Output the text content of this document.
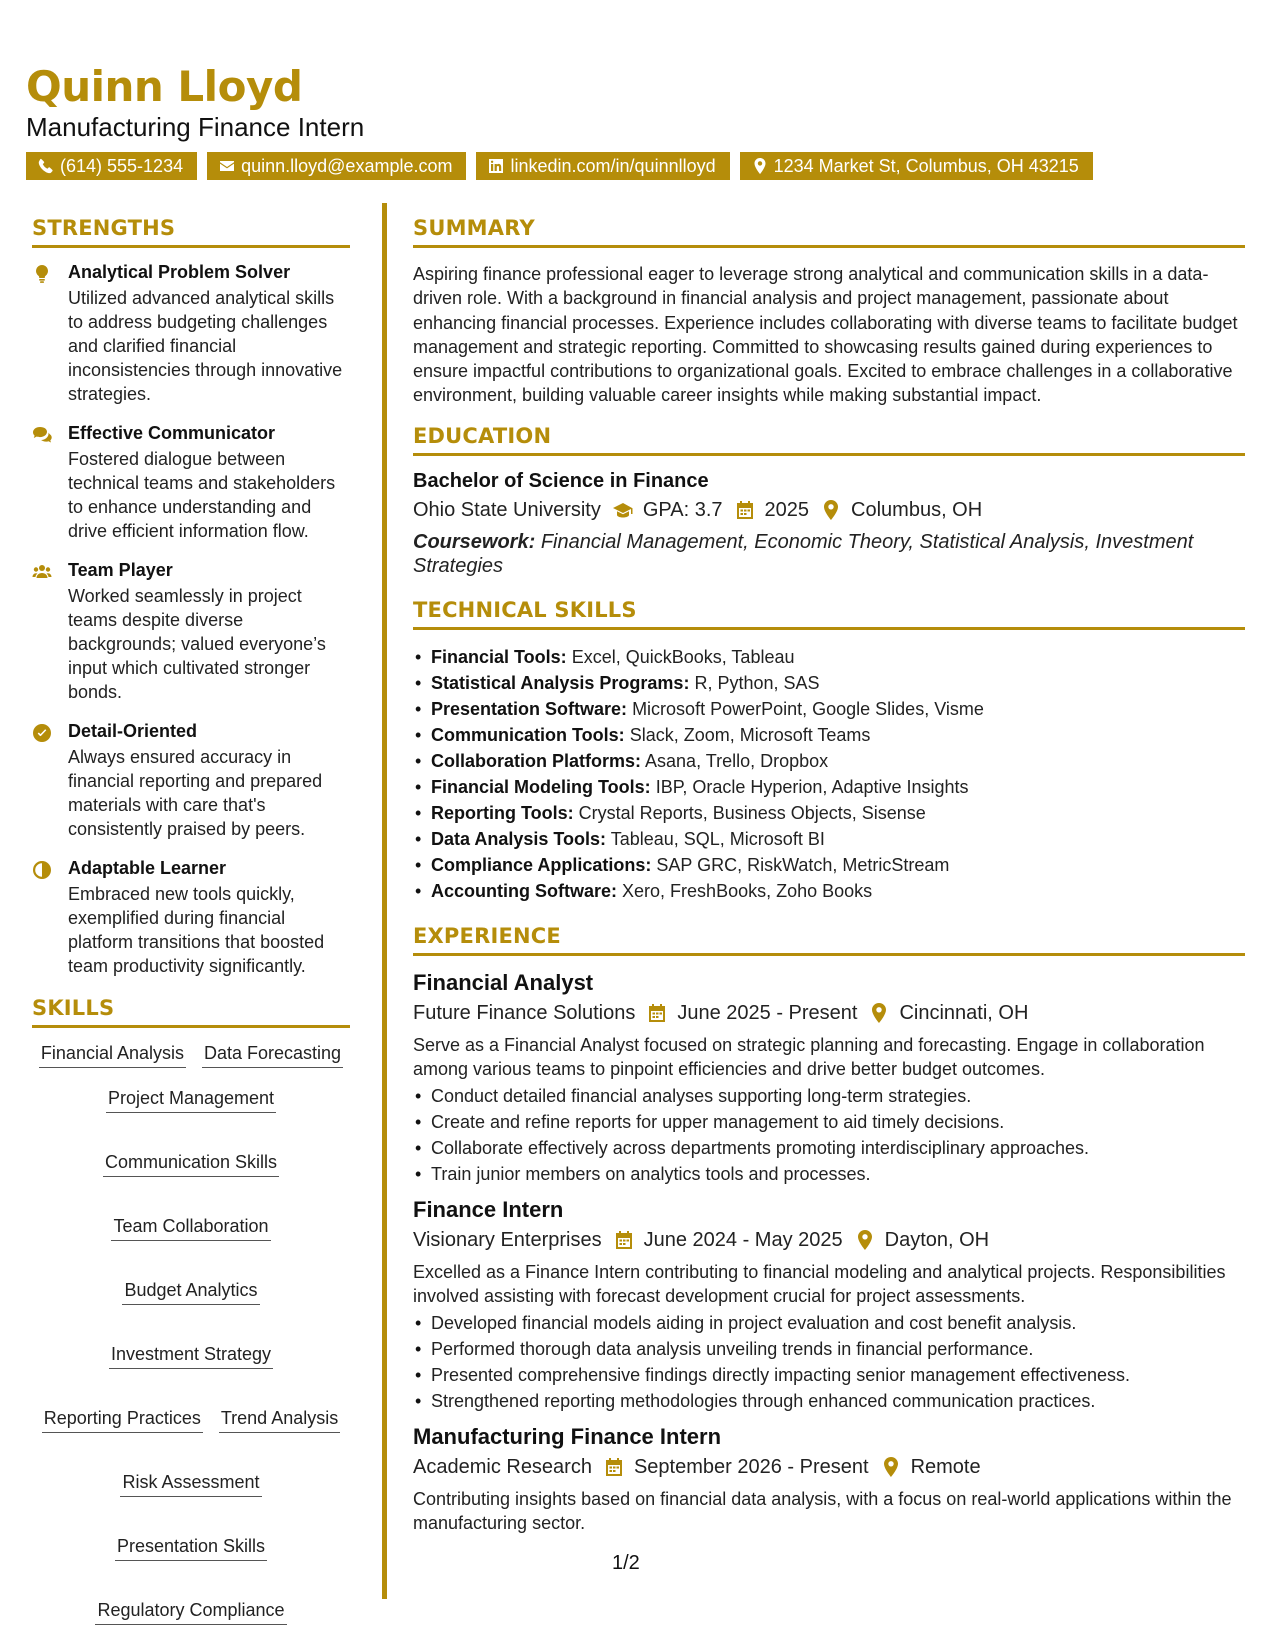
Quinn Lloyd
Manufacturing Finance Intern
(614) 555-1234	quinn.lloyd@example.com	linkedin.com/in/quinnlloyd	1234 Market St, Columbus, OH 43215
STRENGTHS
Analytical Problem Solver

Utilized advanced analytical skills to address budgeting challenges and clarified financial inconsistencies through innovative strategies.

Effective Communicator

Fostered dialogue between technical teams and stakeholders to enhance understanding and drive efficient information flow.

Team Player

Worked seamlessly in project teams despite diverse backgrounds; valued everyone’s input which cultivated stronger bonds.

Detail-Oriented

Always ensured accuracy in financial reporting and prepared materials with care that's consistently praised by peers.

Adaptable Learner

Embraced new tools quickly, exemplified during financial platform transitions that boosted team productivity significantly.

SKILLS
Financial Analysis Data Forecasting
Project Management
Communication Skills
Team Collaboration
Budget Analytics
Investment Strategy
Reporting Practices Trend Analysis
Risk Assessment
Presentation Skills
Regulatory Compliance
SUMMARY

Aspiring finance professional eager to leverage strong analytical and communication skills in a data-driven role. With a background in financial analysis and project management, passionate about enhancing financial processes. Experience includes collaborating with diverse teams to facilitate budget management and strategic reporting. Committed to showcasing results gained during experiences to ensure impactful contributions to organizational goals. Excited to embrace challenges in a collaborative environment, building valuable career insights while making substantial impact.

EDUCATION
Bachelor of Science in Finance
Ohio State University GPA: 3.7 2025 Columbus, OH

Coursework: Financial Management, Economic Theory, Statistical Analysis, Investment Strategies

TECHNICAL SKILLS
• Financial Tools: Excel, QuickBooks, Tableau
• Statistical Analysis Programs: R, Python, SAS
• Presentation Software: Microsoft PowerPoint, Google Slides, Visme
• Communication Tools: Slack, Zoom, Microsoft Teams
• Collaboration Platforms: Asana, Trello, Dropbox
• Financial Modeling Tools: IBP, Oracle Hyperion, Adaptive Insights
• Reporting Tools: Crystal Reports, Business Objects, Sisense
• Data Analysis Tools: Tableau, SQL, Microsoft BI
• Compliance Applications: SAP GRC, RiskWatch, MetricStream
• Accounting Software: Xero, FreshBooks, Zoho Books
EXPERIENCE
Financial Analyst
Future Finance Solutions June 2025 - Present Cincinnati, OH

Serve as a Financial Analyst focused on strategic planning and forecasting. Engage in collaboration among various teams to pinpoint efficiencies and drive better budget outcomes.

• Conduct detailed financial analyses supporting long-term strategies.
• Create and refine reports for upper management to aid timely decisions.
• Collaborate effectively across departments promoting interdisciplinary approaches.
• Train junior members on analytics tools and processes.
Finance Intern
Visionary Enterprises June 2024 - May 2025 Dayton, OH

Excelled as a Finance Intern contributing to financial modeling and analytical projects. Responsibilities involved assisting with forecast development crucial for project assessments.

• Developed financial models aiding in project evaluation and cost benefit analysis.
• Performed thorough data analysis unveiling trends in financial performance.
• Presented comprehensive findings directly impacting senior management effectiveness.
• Strengthened reporting methodologies through enhanced communication practices.
Manufacturing Finance Intern
Academic Research September 2026 - Present Remote

Contributing insights based on financial data analysis, with a focus on real-world applications within the manufacturing sector.

1/2
